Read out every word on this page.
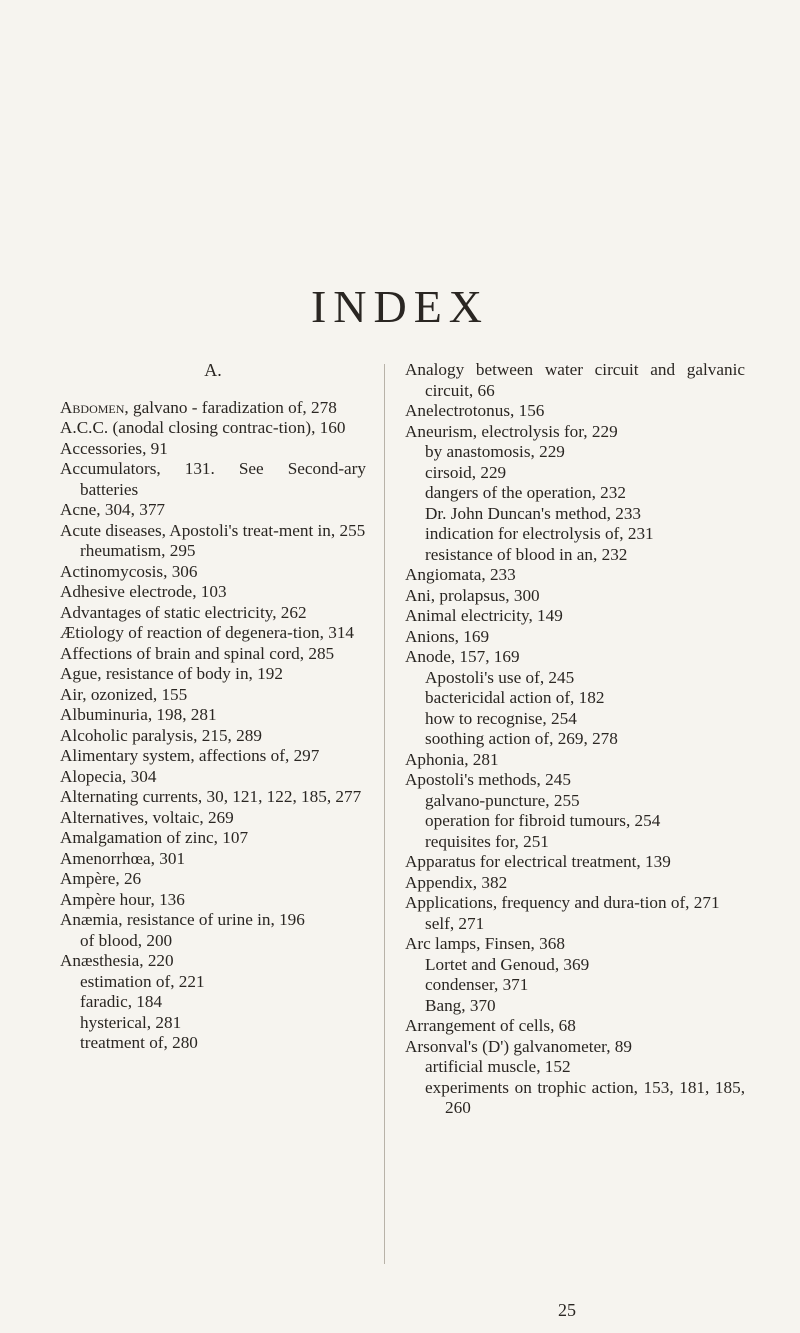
INDEX
A.
Abdomen, galvano - faradization of, 278
A.C.C. (anodal closing contrac-tion), 160
Accessories, 91
Accumulators, 131. See Second-ary batteries
Acne, 304, 377
Acute diseases, Apostoli's treat-ment in, 255
rheumatism, 295
Actinomycosis, 306
Adhesive electrode, 103
Advantages of static electricity, 262
Ætiology of reaction of degenera-tion, 314
Affections of brain and spinal cord, 285
Ague, resistance of body in, 192
Air, ozonized, 155
Albuminuria, 198, 281
Alcoholic paralysis, 215, 289
Alimentary system, affections of, 297
Alopecia, 304
Alternating currents, 30, 121, 122, 185, 277
Alternatives, voltaic, 269
Amalgamation of zinc, 107
Amenorrhœa, 301
Ampère, 26
Ampère hour, 136
Anæmia, resistance of urine in, 196
of blood, 200
Anæsthesia, 220
estimation of, 221
faradic, 184
hysterical, 281
treatment of, 280
Analogy between water circuit and galvanic circuit, 66
Anelectrotonus, 156
Aneurism, electrolysis for, 229
by anastomosis, 229
cirsoid, 229
dangers of the operation, 232
Dr. John Duncan's method, 233
indication for electrolysis of, 231
resistance of blood in an, 232
Angiomata, 233
Ani, prolapsus, 300
Animal electricity, 149
Anions, 169
Anode, 157, 169
Apostoli's use of, 245
bactericidal action of, 182
how to recognise, 254
soothing action of, 269, 278
Aphonia, 281
Apostoli's methods, 245
galvano-puncture, 255
operation for fibroid tumours, 254
requisites for, 251
Apparatus for electrical treatment, 139
Appendix, 382
Applications, frequency and dura-tion of, 271
self, 271
Arc lamps, Finsen, 368
Lortet and Genoud, 369
condenser, 371
Bang, 370
Arrangement of cells, 68
Arsonval's (D') galvanometer, 89
artificial muscle, 152
experiments on trophic action, 153, 181, 185, 260
25
